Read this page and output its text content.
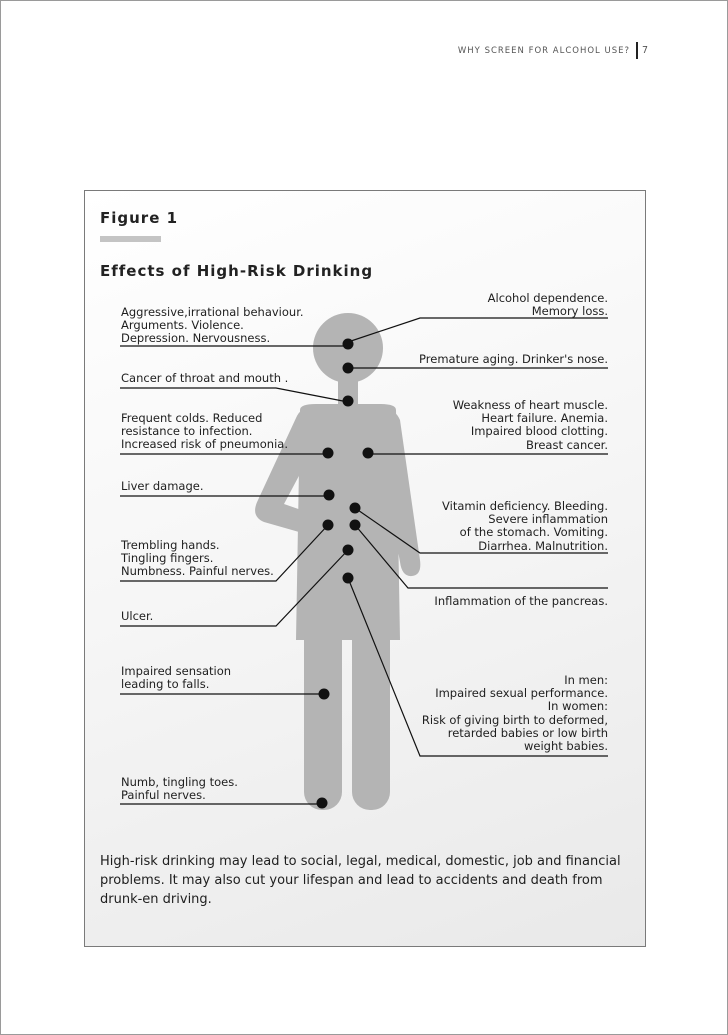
WHY SCREEN FOR ALCOHOL USE? 7
Figure 1
Effects of High-Risk Drinking

Aggressive,irrational behaviour.
Arguments. Violence.
Depression. Nervousness.

Cancer of throat and mouth .

Frequent colds. Reduced
resistance to infection.
Increased risk of pneumonia.

Liver damage.

Trembling hands.
Tingling fingers.
Numbness. Painful nerves.

Ulcer.

Impaired sensation
leading to falls.

Numb, tingling toes.
Painful nerves.

Alcohol dependence.
Memory loss.

Premature aging. Drinker's nose.

Weakness of heart muscle.
Heart failure. Anemia.
Impaired blood clotting.
Breast cancer.

Vitamin deficiency. Bleeding.
Severe inflammation
of the stomach. Vomiting.
Diarrhea. Malnutrition.

Inflammation of the pancreas.

In men:
Impaired sexual performance.
In women:
Risk of giving birth to deformed,
retarded babies or low birth
weight babies.

High-risk drinking may lead to social, legal, medical, domestic, job and financial problems. It may also cut your lifespan and lead to accidents and death from drunk-en driving.
